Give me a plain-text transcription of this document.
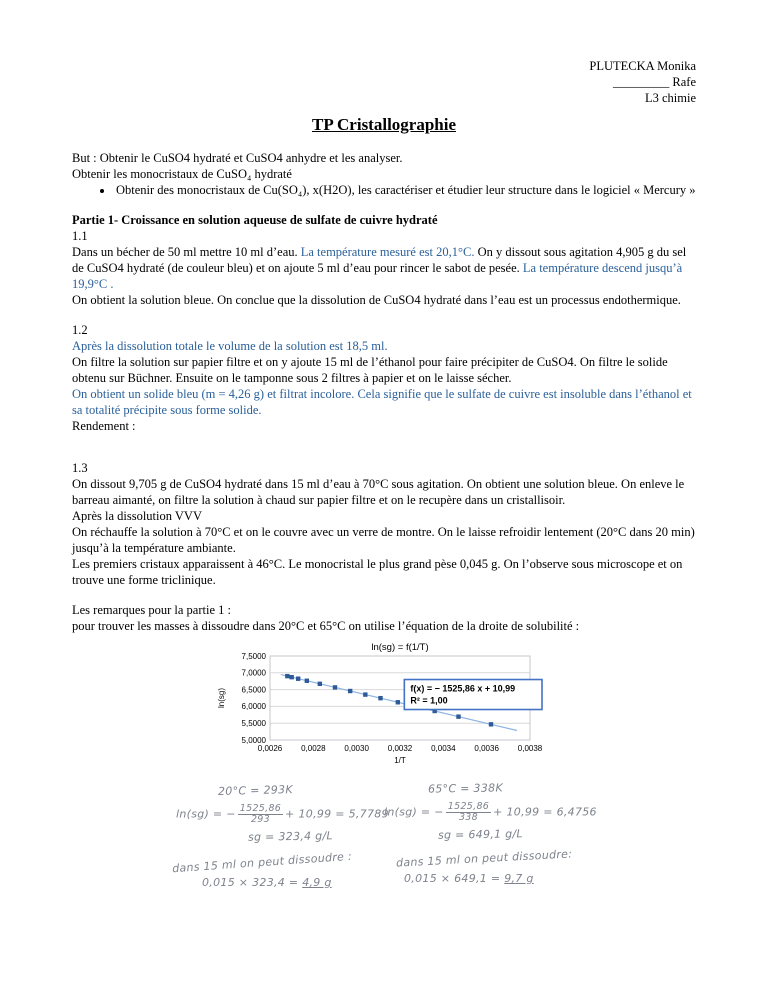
PLUTECKA Monika
_________ Rafe
L3 chimie
TP Cristallographie

But : Obtenir le CuSO4 hydraté et CuSO4 anhydre et les analyser.

Obtenir les monocristaux de CuSO₄ hydraté

• Obtenir des monocristaux de Cu(SO₄), x(H2O), les caractériser et étudier leur structure dans le logiciel « Mercury »

Partie 1- Croissance en solution aqueuse de sulfate de cuivre hydraté

1.1

Dans un bécher de 50 ml mettre 10 ml d’eau. La température mesuré est 20,1°C. On y dissout sous agitation 4,905 g du sel de CuSO4 hydraté (de couleur bleu) et on ajoute 5 ml d’eau pour rincer le sabot de pesée. La température descend jusqu’à 19,9°C .

On obtient la solution bleue. On conclue que la dissolution de CuSO4 hydraté dans l’eau est un processus endothermique.

1.2

Après la dissolution totale le volume de la solution est 18,5 ml.

On filtre la solution sur papier filtre et on y ajoute 15 ml de l’éthanol pour faire précipiter de CuSO4. On filtre le solide obtenu sur Büchner. Ensuite on le tamponne sous 2 filtres à papier et on le laisse sécher.

On obtient un solide bleu (m = 4,26 g) et filtrat incolore. Cela signifie que le sulfate de cuivre est insoluble dans l’éthanol et sa totalité précipite sous forme solide.

Rendement :

1.3

On dissout 9,705 g de CuSO4 hydraté dans 15 ml d’eau à 70°C sous agitation. On obtient une solution bleue. On enleve le barreau aimanté, on filtre la solution à chaud sur papier filtre et on le recupère dans un cristallisoir.

Après la dissolution VVV

On réchauffe la solution à 70°C et on le couvre avec un verre de montre. On le laisse refroidir lentement (20°C dans 20 min) jusqu’à la température ambiante.

Les premiers cristaux apparaissent à 46°C. Le monocristal le plus grand pèse 0,045 g. On l’observe sous microscope et on trouve une forme triclinique.

Les remarques pour la partie 1 :

pour trouver les masses à dissoudre dans 20°C et 65°C on utilise l’équation de la droite de solubilité :

ln(sg) = f(1/T)
5,0000
5,5000
6,0000
6,5000
7,0000
7,5000
0,0026 0,0028 0,0030 0,0032 0,0034 0,0036 0,0038
1/T
ln(sg)	f(x) = − 1525,86 x + 10,99
R² = 1,00
20°C = 293K
ln(sg) = − $\frac{1525,86}{293} + 10,99 = 5,7789$
sg = 323,4 g/L
dans 15 ml on peut dissoudre :
0,015 × 323,4 = 4,9 g
65°C = 338K
ln(sg) = − $\frac{1525,86}{338} + 10,99 = 6,4756$
sg = 649,1 g/L
dans 15 ml on peut dissoudre:
0,015 × 649,1 = 9,7 g
